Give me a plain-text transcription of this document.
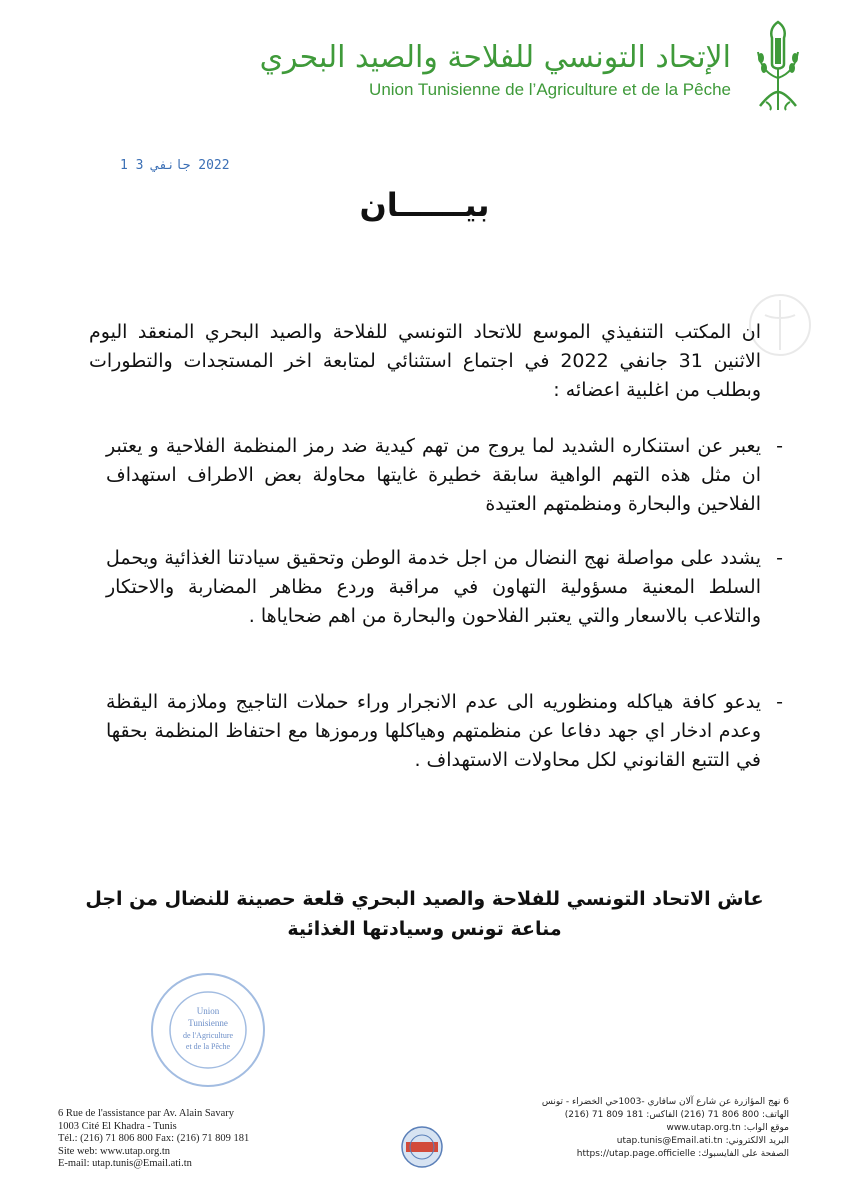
الإتحاد التونسي للفلاحة والصيد البحري
Union Tunisienne de l’Agriculture et de la Pêche
2022 جانفي 3 1
بيــــــان
ان المكتب التنفيذي الموسع للاتحاد التونسي للفلاحة والصيد البحري المنعقد اليوم الاثنين 31 جانفي 2022 في اجتماع استثنائي لمتابعة اخر المستجدات والتطورات وبطلب من اغلبية اعضائه :
-
يعبر عن استنكاره الشديد لما يروج من تهم كيدية ضد رمز المنظمة الفلاحية و يعتبر ان مثل هذه التهم الواهية سابقة خطيرة غايتها محاولة بعض الاطراف استهداف الفلاحين والبحارة ومنظمتهم العتيدة
-
يشدد على مواصلة نهج النضال من اجل خدمة الوطن وتحقيق سيادتنا الغذائية ويحمل السلط المعنية مسؤولية التهاون في مراقبة وردع مظاهر المضاربة والاحتكار والتلاعب بالاسعار والتي يعتبر الفلاحون والبحارة من اهم ضحاياها .
-
يدعو كافة هياكله ومنظوريه الى عدم الانجرار وراء حملات التاجيج وملازمة اليقظة وعدم ادخار اي جهد دفاعا عن منظمتهم وهياكلها ورموزها مع احتفاظ المنظمة بحقها في التتبع القانوني لكل محاولات الاستهداف .
عاش الاتحاد التونسي للفلاحة والصيد البحري قلعة حصينة للنضال من اجل
مناعة تونس وسيادتها الغذائية
Union
Tunisienne
de l'Agriculture
et de la Pêche
6 Rue de l'assistance par Av. Alain Savary
1003 Cité El Khadra - Tunis
Tél.: (216) 71 806 800 Fax: (216) 71 809 181
Site web: www.utap.org.tn
E-mail: utap.tunis@Email.ati.tn
6 نهج المؤازرة عن شارع آلان سافاري -1003حي الخضراء - تونس
الهاتف: 800 806 71 (216) الفاكس: 181 809 71 (216)
موقع الواب: www.utap.org.tn
البريد الالكتروني: utap.tunis@Email.ati.tn
الصفحة على الفايسبوك: https://utap.page.officielle
